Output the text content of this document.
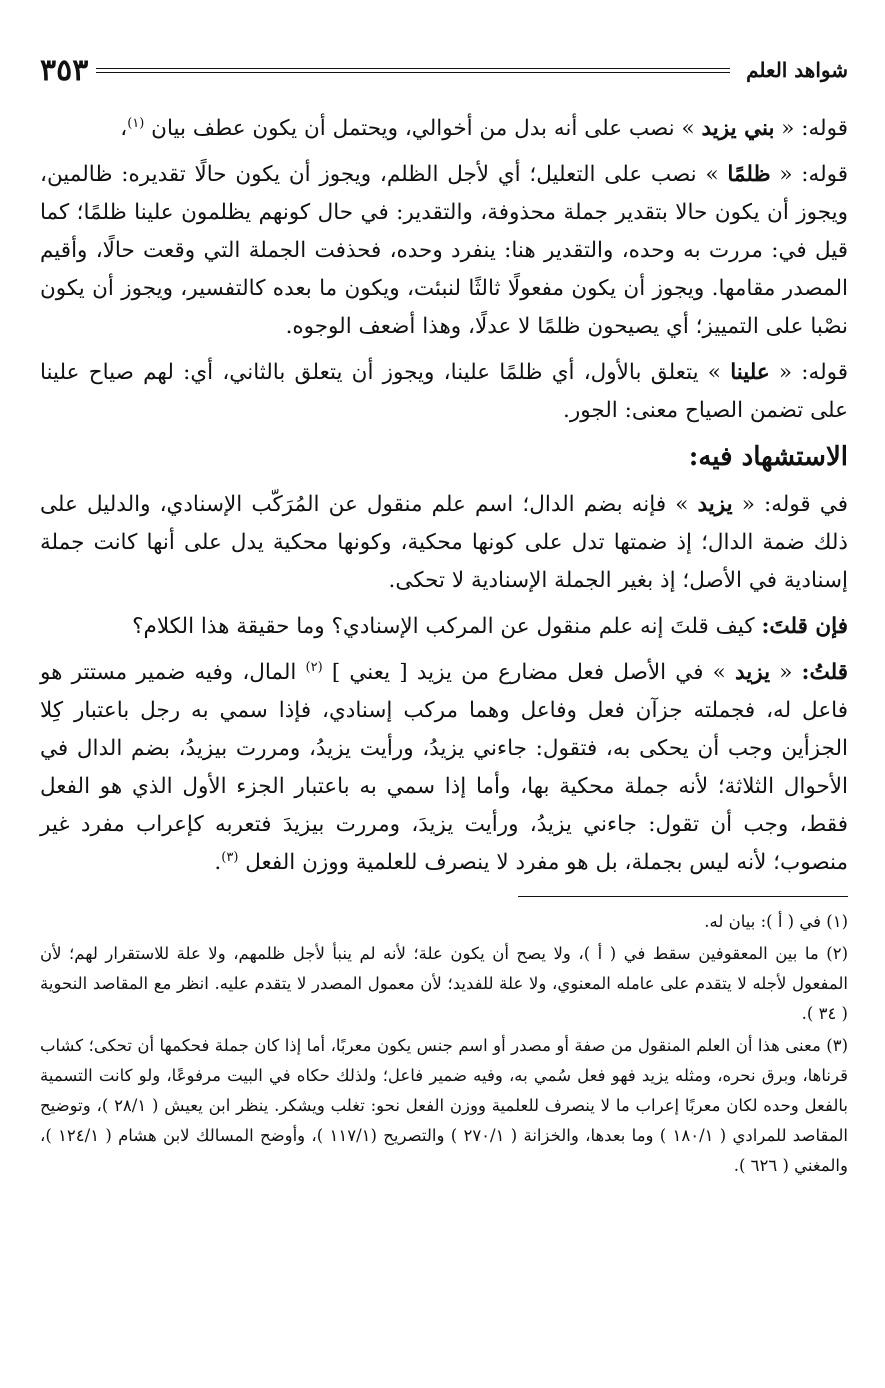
شواهد العلم
٣٥٣

قوله: « بني يزيد » نصب على أنه بدل من أخوالي، ويحتمل أن يكون عطف بيان $^{(١)}$،

قوله: « ظلمًا » نصب على التعليل؛ أي لأجل الظلم، ويجوز أن يكون حالًا تقديره: ظالمين، ويجوز أن يكون حالا بتقدير جملة محذوفة، والتقدير: في حال كونهم يظلمون علينا ظلمًا؛ كما قيل في: مررت به وحده، والتقدير هنا: ينفرد وحده، فحذفت الجملة التي وقعت حالًا، وأقيم المصدر مقامها. ويجوز أن يكون مفعولًا ثالثًا لنبئت، ويكون ما بعده كالتفسير، ويجوز أن يكون نصْبا على التمييز؛ أي يصيحون ظلمًا لا عدلًا، وهذا أضعف الوجوه.

قوله: « علينا » يتعلق بالأول، أي ظلمًا علينا، ويجوز أن يتعلق بالثاني، أي: لهم صياح علينا على تضمن الصياح معنى: الجور.

الاستشهاد فيه:

في قوله: « يزيد » فإنه بضم الدال؛ اسم علم منقول عن المُرَكّب الإسنادي، والدليل على ذلك ضمة الدال؛ إذ ضمتها تدل على كونها محكية، وكونها محكية يدل على أنها كانت جملة إسنادية في الأصل؛ إذ بغير الجملة الإسنادية لا تحكى.

فإن قلتَ: كيف قلتَ إنه علم منقول عن المركب الإسنادي؟ وما حقيقة هذا الكلام؟

قلتُ: « يزيد » في الأصل فعل مضارع من يزيد [ يعني ] $^{(٢)}$ المال، وفيه ضمير مستتر هو فاعل له، فجملته جزآن فعل وفاعل وهما مركب إسنادي، فإذا سمي به رجل باعتبار كِلا الجزأين وجب أن يحكى به، فتقول: جاءني يزيدُ، ورأيت يزيدُ، ومررت بيزيدُ، بضم الدال في الأحوال الثلاثة؛ لأنه جملة محكية بها، وأما إذا سمي به باعتبار الجزء الأول الذي هو الفعل فقط، وجب أن تقول: جاءني يزيدُ، ورأيت يزيدَ، ومررت بيزيدَ فتعربه كإعراب مفرد غير منصوب؛ لأنه ليس بجملة، بل هو مفرد لا ينصرف للعلمية ووزن الفعل $^{(٣)}$.

(١) في ( أ ): بيان له.

(٢) ما بين المعقوفين سقط في ( أ )، ولا يصح أن يكون علة؛ لأنه لم ينبأ لأجل ظلمهم، ولا علة للاستقرار لهم؛ لأن المفعول لأجله لا يتقدم على عامله المعنوي، ولا علة للفديد؛ لأن معمول المصدر لا يتقدم عليه. انظر مع المقاصد النحوية ( ٣٤ ).

(٣) معنى هذا أن العلم المنقول من صفة أو مصدر أو اسم جنس يكون معربًا، أما إذا كان جملة فحكمها أن تحكى؛ كشاب قرناها، وبرق نحره، ومثله يزيد فهو فعل سُمي به، وفيه ضمير فاعل؛ ولذلك حكاه في البيت مرفوعًا، ولو كانت التسمية بالفعل وحده لكان معربًا إعراب ما لا ينصرف للعلمية ووزن الفعل نحو: تغلب ويشكر. ينظر ابن يعيش ( ٢٨/١ )، وتوضيح المقاصد للمرادي ( ١٨٠/١ ) وما بعدها، والخزانة ( ٢٧٠/١ ) والتصريح (١١٧/١ )، وأوضح المسالك لابن هشام ( ١٢٤/١ )، والمغني ( ٦٢٦ ).
